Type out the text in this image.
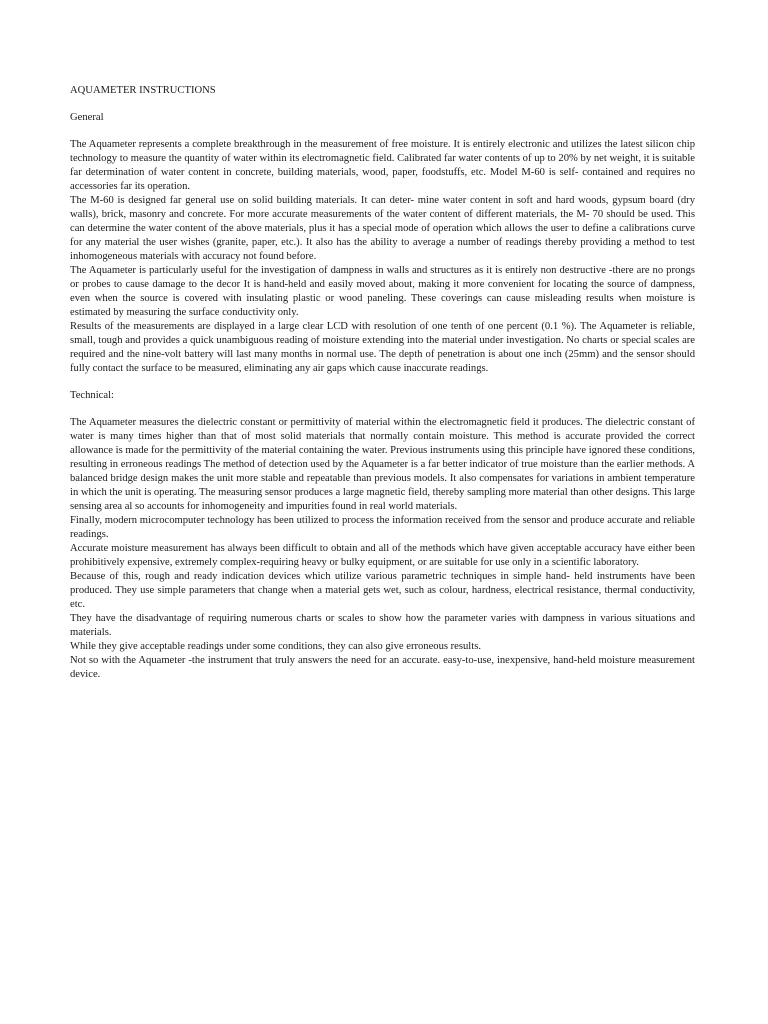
AQUAMETER INSTRUCTIONS
General

The Aquameter represents a complete breakthrough in the measurement of free moisture. It is entirely electronic and utilizes the latest silicon chip technology to measure the quantity of water within its electromagnetic field. Calibrated far water contents of up to 20% by net weight, it is suitable far determination of water content in concrete, building materials, wood, paper, foodstuffs, etc. Model M-60 is self- contained and requires no accessories far its operation.

The M-60 is designed far general use on solid building materials. It can deter- mine water content in soft and hard woods, gypsum board (dry walls), brick, masonry and concrete. For more accurate measurements of the water content of different materials, the M- 70 should be used. This can determine the water content of the above materials, plus it has a special mode of operation which allows the user to define a calibrations curve for any material the user wishes (granite, paper, etc.). It also has the ability to average a number of readings thereby providing a method to test inhomogeneous materials with accuracy not found before.

The Aquameter is particularly useful for the investigation of dampness in walls and structures as it is entirely non destructive -there are no prongs or probes to cause damage to the decor It is hand-held and easily moved about, making it more convenient for locating the source of dampness, even when the source is covered with insulating plastic or wood paneling. These coverings can cause misleading results when moisture is estimated by measuring the surface conductivity only.

Results of the measurements are displayed in a large clear LCD with resolution of one tenth of one percent (0.1 %). The Aquameter is reliable, small, tough and provides a quick unambiguous reading of moisture extending into the material under investigation. No charts or special scales are required and the nine-volt battery will last many months in normal use. The depth of penetration is about one inch (25mm) and the sensor should fully contact the surface to be measured, eliminating any air gaps which cause inaccurate readings.

Technical:

The Aquameter measures the dielectric constant or permittivity of material within the electromagnetic field it produces. The dielectric constant of water is many times higher than that of most solid materials that normally contain moisture. This method is accurate provided the correct allowance is made for the permittivity of the material containing the water. Previous instruments using this principle have ignored these conditions, resulting in erroneous readings The method of detection used by the Aquameter is a far better indicator of true moisture than the earlier methods. A balanced bridge design makes the unit more stable and repeatable than previous models. It also compensates for variations in ambient temperature in which the unit is operating. The measuring sensor produces a large magnetic field, thereby sampling more material than other designs. This large sensing area al so accounts for inhomogeneity and impurities found in real world materials.

Finally, modern microcomputer technology has been utilized to process the information received from the sensor and produce accurate and reliable readings.

Accurate moisture measurement has always been difficult to obtain and all of the methods which have given acceptable accuracy have either been prohibitively expensive, extremely complex-requiring heavy or bulky equipment, or are suitable for use only in a scientific laboratory.

Because of this, rough and ready indication devices which utilize various parametric techniques in simple hand- held instruments have been produced. They use simple parameters that change when a material gets wet, such as colour, hardness, electrical resistance, thermal conductivity, etc.

They have the disadvantage of requiring numerous charts or scales to show how the parameter varies with dampness in various situations and materials.

While they give acceptable readings under some conditions, they can also give erroneous results.

Not so with the Aquameter -the instrument that truly answers the need for an accurate. easy-to-use, inexpensive, hand-held moisture measurement device.
